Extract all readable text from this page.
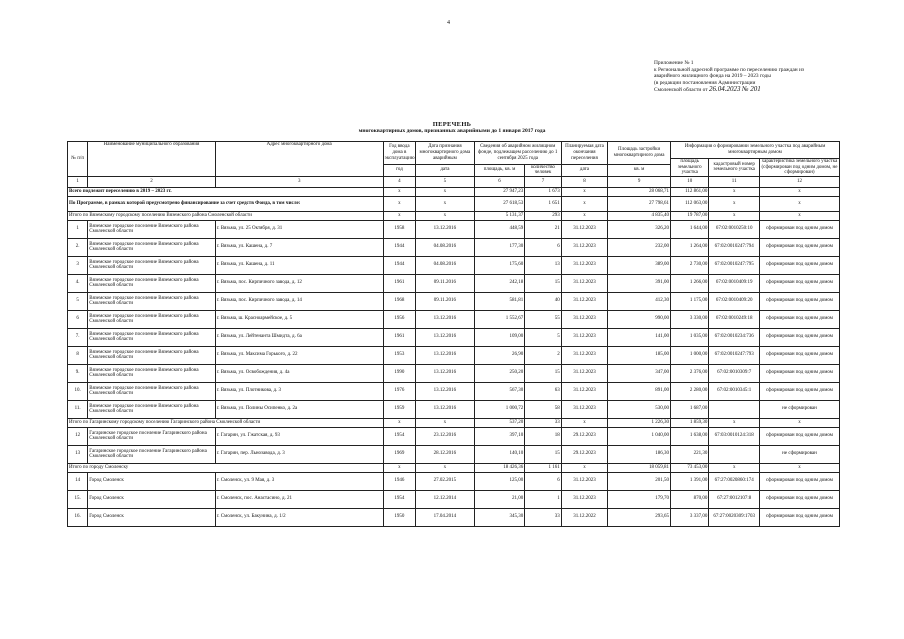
4
Приложение № 1
к Региональной адресной программе по переселению граждан из
аварийного жилищного фонда на 2019 – 2023 годы
(в редакции постановления Администрации
Смоленской области от 26.04.2023 № 201
ПЕРЕЧЕНЬ
многоквартирных домов, признанных аварийными до 1 января 2017 года
№ п/п	Наименование муниципального образования	Адрес многоквартирного дома	Год ввода дома в эксплуатацию	Дата признания многоквартирного дома аварийным	Сведения об аварийном жилищном фонде, подлежащем расселению до 1 сентября 2025 года		Планируемая дата окончания переселения	Площадь застройки многоквартирного дома	Информация о формировании земельного участка под аварийным многоквартирным домом		
									площадь земельного участка	кадастровый номер земельного участка	характеристика земельного участка (сформирован под одним домом, не сформирован)
			год	дата	площадь, кв. м	количество человек	дата	кв. м			
1	2	3	4	5	6	7	8	9	10	11	12
Всего подлежит переселению в 2019 – 2023 гг.			x	x	27 947,23	1 673	x	28 068,71	112 861,00	x	x
По Программе, в рамках которой предусмотрено финансирование за счет средств Фонда, в том числе:			x	x	27 618,53	1 651	x	27 798,61	112 063,00	x	x
Итого по Вяземскому городскому поселению Вяземского района Смоленской области			x	x	5 131,37	293	x	4 835,40	19 787,00	x	x
1	Вяземское городское поселение Вяземского района Смоленской области	г. Вязьма, ул. 25 Октября, д. 31	1958	13.12.2016	448,59	21	31.12.2023	326,20	1 644,00	67:02:0010250:10	сформирован под одним домом
2.	Вяземское городское поселение Вяземского района Смоленской области	г. Вязьма, ул. Кашена, д. 7	1944	04.08.2016	177,30	6	31.12.2023	232,00	1 264,00	67:02:0010247:794	сформирован под одним домом
3	Вяземское городское поселение Вяземского района Смоленской области	г. Вязьма, ул. Кашена, д. 11	1944	04.08.2016	175,60	13	31.12.2023	389,00	2 730,00	67:02:0010247:795	сформирован под одним домом
4.	Вяземское городское поселение Вяземского района Смоленской области	г. Вязьма, пос. Кирпичного завода, д. 12	1961	09.11.2016	242,18	15	31.12.2023	391,00	1 266,00	67:02:0010409:19	сформирован под одним домом
5	Вяземское городское поселение Вяземского района Смоленской области	г. Вязьма, пос. Кирпичного завода, д. 14	1968	09.11.2016	581,81	40	31.12.2023	412,30	1 175,00	67:02:0010409:20	сформирован под одним домом
6	Вяземское городское поселение Вяземского района Смоленской области	г. Вязьма, ш. Красноармейское, д. 5	1956	13.12.2016	1 552,67	55	31.12.2023	990,00	3 330,00	67:02:0010249:18	сформирован под одним домом
7.	Вяземское городское поселение Вяземского района Смоленской области	г. Вязьма, ул. Лейтенанта Шмидта, д. 6а	1961	13.12.2016	109,00	5	31.12.2023	141,00	1 035,00	67:02:0010234:736	сформирован под одним домом
8	Вяземское городское поселение Вяземского района Смоленской области	г. Вязьма, ул. Максима Горького, д. 22	1953	13.12.2016	26,90	2	31.12.2023	185,00	1 000,00	67:02:0010247:793	сформирован под одним домом
9.	Вяземское городское поселение Вяземского района Смоленской области	г. Вязьма, ул. Освобождения, д. 4а	1990	13.12.2016	250,20	15	31.12.2023	347,00	2 376,00	67:02:0010309:7	сформирован под одним домом
10.	Вяземское городское поселение Вяземского района Смоленской области	г. Вязьма, ул. Плотникова, д. 3	1976	13.12.2016	567,30	63	31.12.2023	891,00	2 280,00	67:02:0010345:1	сформирован под одним домом
11.	Вяземское городское поселение Вяземского района Смоленской области	г. Вязьма, ул. Полины Осипенко, д. 2а	1959	13.12.2016	1 000,72	58	31.12.2023	530,00	1 687,00		не сформирован
Итого по Гагаринскому городскому поселению Гагаринского района Смоленской области			x	x	537,20	33	x	1 226,30	1 859,30	x	x
12	Гагаринское городское поселение Гагаринского района Смоленской области	г. Гагарин, ул. Гжатская, д. 93	1954	23.12.2016	397,10	18	29.12.2023	1 040,00	1 638,00	67:03:0010124:318	сформирован под одним домом
13	Гагаринское городское поселение Гагаринского района Смоленской области	г. Гагарин, пер. Льнозавода, д. 3	1969	28.12.2016	140,10	15	29.12.2023	186,30	221,30		не сформирован
Итого по городу Смоленску			x	x	18 426,36	1 161	x	18 059,81	73 453,00	x	x
14	Город Смоленск	г. Смоленск, ул. 9 Мая, д. 3	1946	27.02.2015	125,00	6	31.12.2023	201,50	1 391,00	67:27:0020860:174	сформирован под одним домом
15.	Город Смоленск	г. Смоленск, пос. Анастасино, д. 21	1954	12.12.2014	21,00	1	31.12.2023	179,70	870,00	67:27:0012107:8	сформирован под одним домом
16.	Город Смоленск	г. Смоленск, ул. Бакунина, д. 1/2	1950	17.04.2014	345,30	33	31.12.2022	293,65	3 337,00	67:27:0020309:1703	сформирован под одним домом
